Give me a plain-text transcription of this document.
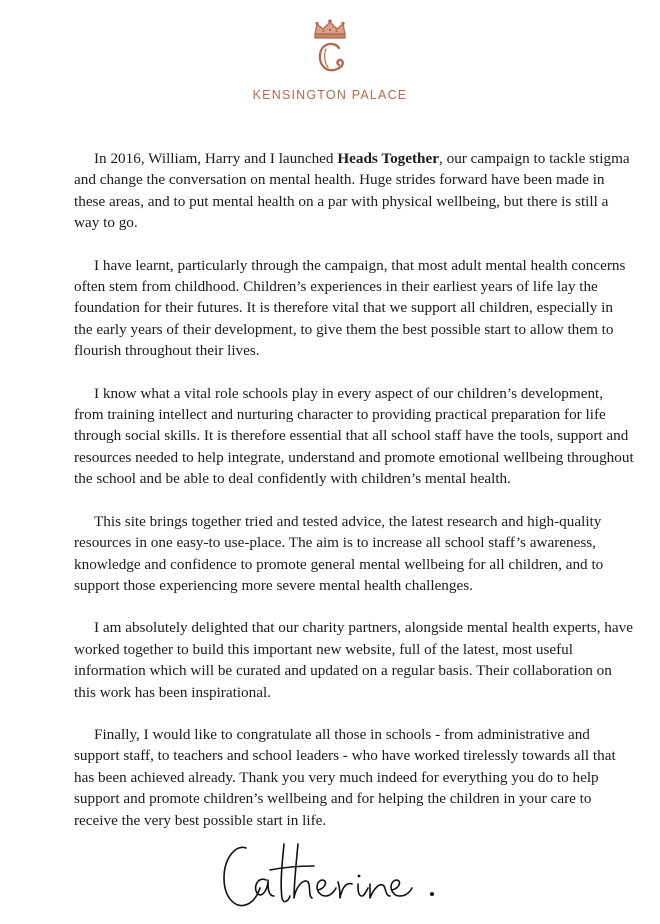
KENSINGTON PALACE

In 2016, William, Harry and I launched Heads Together, our campaign to tackle stigma and change the conversation on mental health. Huge strides forward have been made in these areas, and to put mental health on a par with physical wellbeing, but there is still a way to go.

I have learnt, particularly through the campaign, that most adult mental health concerns often stem from childhood. Children’s experiences in their earliest years of life lay the foundation for their futures. It is therefore vital that we support all children, especially in the early years of their development, to give them the best possible start to allow them to flourish throughout their lives.

I know what a vital role schools play in every aspect of our children’s development, from training intellect and nurturing character to providing practical preparation for life through social skills. It is therefore essential that all school staff have the tools, support and resources needed to help integrate, understand and promote emotional wellbeing throughout the school and be able to deal confidently with children’s mental health.

This site brings together tried and tested advice, the latest research and high-quality resources in one easy-to use-place. The aim is to increase all school staff’s awareness, knowledge and confidence to promote general mental wellbeing for all children, and to support those experiencing more severe mental health challenges.

I am absolutely delighted that our charity partners, alongside mental health experts, have worked together to build this important new website, full of the latest, most useful information which will be curated and updated on a regular basis. Their collaboration on this work has been inspirational.

Finally, I would like to congratulate all those in schools - from administrative and support staff, to teachers and school leaders - who have worked tirelessly towards all that has been achieved already. Thank you very much indeed for everything you do to help support and promote children’s wellbeing and for helping the children in your care to receive the very best possible start in life.
